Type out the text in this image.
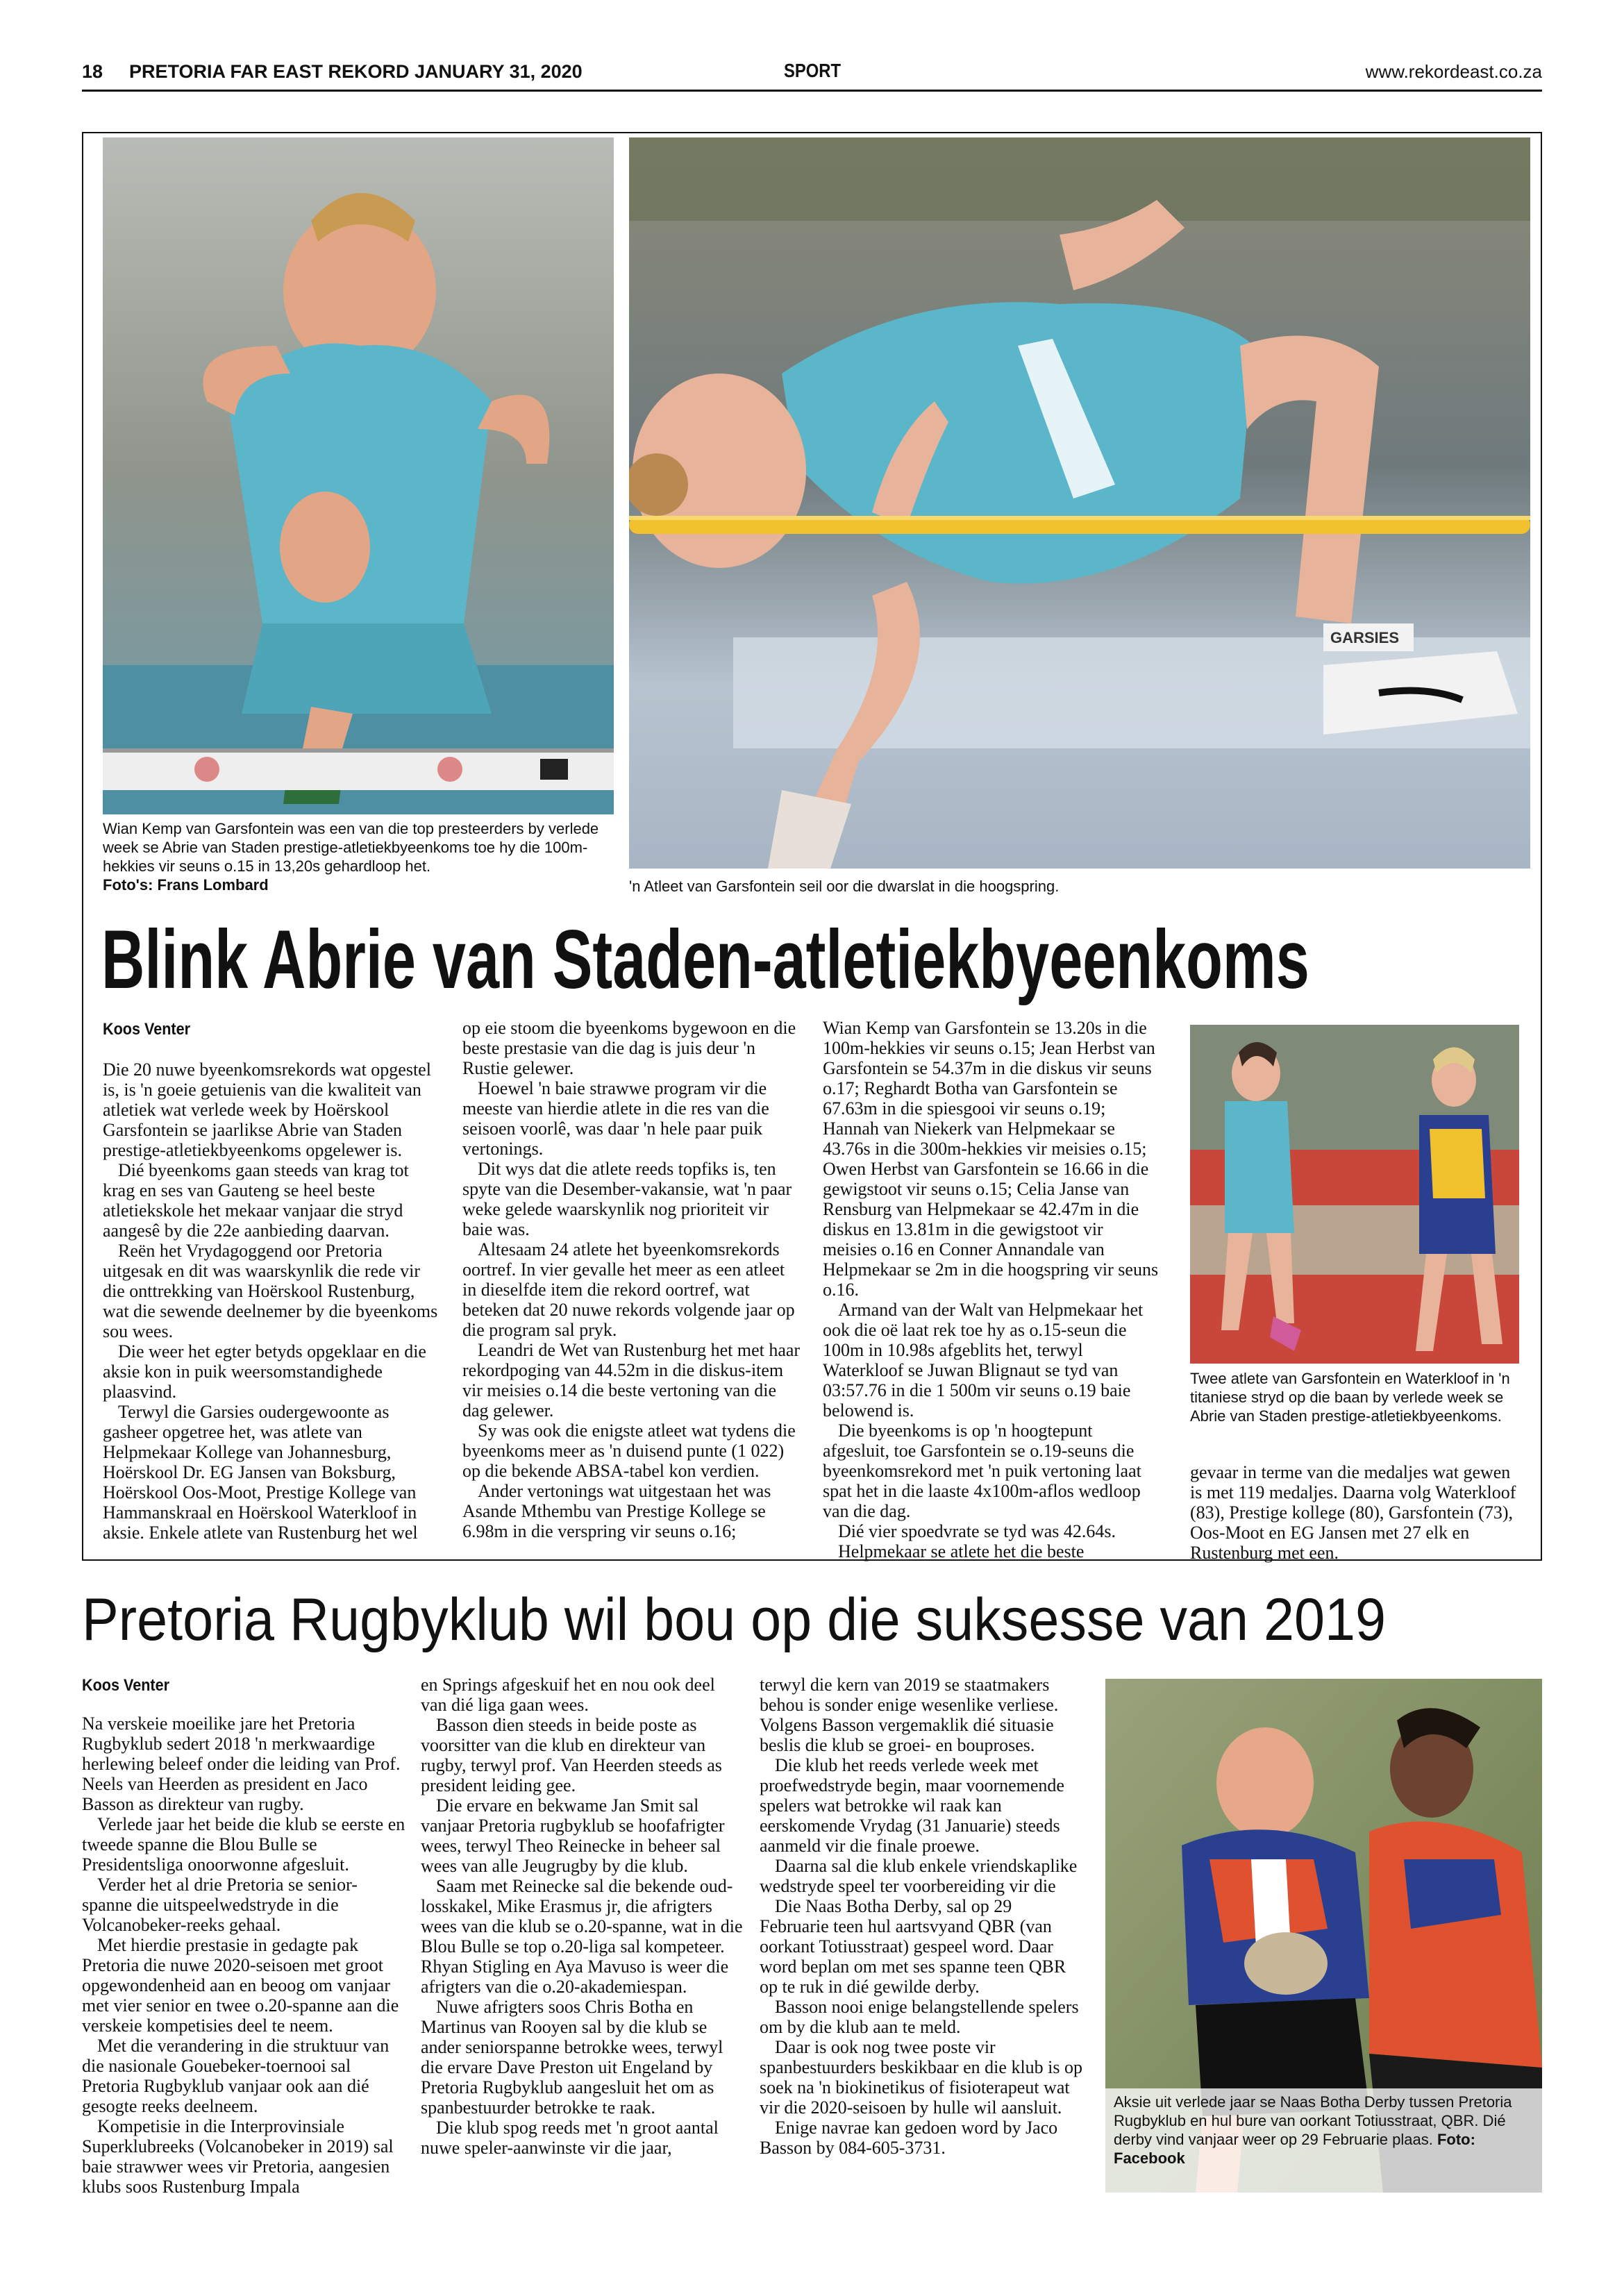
18 PRETORIA FAR EAST REKORD JANUARY 31, 2020	SPORT	www.rekordeast.co.za
Wian Kemp van Garsfontein was een van die top presteerders by verlede week se Abrie van Staden prestige-atletiekbyeenkoms toe hy die 100m-hekkies vir seuns o.15 in 13,20s gehardloop het.
Foto's: Frans Lombard
GARSIES
'n Atleet van Garsfontein seil oor die dwarslat in die hoogspring.
Blink Abrie van Staden-atletiekbyeenkoms
Koos Venter

Die 20 nuwe byeenkomsrekords wat opgestel is, is 'n goeie getuienis van die kwaliteit van atletiek wat verlede week by Hoërskool Garsfontein se jaarlikse Abrie van Staden prestige-atletiekbyeenkoms opgelewer is.

Dié byeenkoms gaan steeds van krag tot krag en ses van Gauteng se heel beste atletiekskole het mekaar vanjaar die stryd aangesê by die 22e aanbieding daarvan.

Reën het Vrydagoggend oor Pretoria uitgesak en dit was waarskynlik die rede vir die onttrekking van Hoërskool Rustenburg, wat die sewende deelnemer by die byeenkoms sou wees.

Die weer het egter betyds opgeklaar en die aksie kon in puik weersomstandighede plaasvind.

Terwyl die Garsies oudergewoonte as gasheer opgetree het, was atlete van Helpmekaar Kollege van Johannesburg, Hoërskool Dr. EG Jansen van Boksburg, Hoërskool Oos-Moot, Prestige Kollege van Hammanskraal en Hoërskool Waterkloof in aksie. Enkele atlete van Rustenburg het wel

op eie stoom die byeenkoms bygewoon en die beste prestasie van die dag is juis deur 'n Rustie gelewer.

Hoewel 'n baie strawwe program vir die meeste van hierdie atlete in die res van die seisoen voorlê, was daar 'n hele paar puik vertonings.

Dit wys dat die atlete reeds topfiks is, ten spyte van die Desember-vakansie, wat 'n paar weke gelede waarskynlik nog prioriteit vir baie was.

Altesaam 24 atlete het byeenkomsrekords oortref. In vier gevalle het meer as een atleet in dieselfde item die rekord oortref, wat beteken dat 20 nuwe rekords volgende jaar op die program sal pryk.

Leandri de Wet van Rustenburg het met haar rekordpoging van 44.52m in die diskus-item vir meisies o.14 die beste vertoning van die dag gelewer.

Sy was ook die enigste atleet wat tydens die byeenkoms meer as 'n duisend punte (1 022) op die bekende ABSA-tabel kon verdien.

Ander vertonings wat uitgestaan het was Asande Mthembu van Prestige Kollege se 6.98m in die verspring vir seuns o.16;

Wian Kemp van Garsfontein se 13.20s in die 100m-hekkies vir seuns o.15; Jean Herbst van Garsfontein se 54.37m in die diskus vir seuns o.17; Reghardt Botha van Garsfontein se 67.63m in die spiesgooi vir seuns o.19; Hannah van Niekerk van Helpmekaar se 43.76s in die 300m-hekkies vir meisies o.15; Owen Herbst van Garsfontein se 16.66 in die gewigstoot vir seuns o.15; Celia Janse van Rensburg van Helpmekaar se 42.47m in die diskus en 13.81m in die gewigstoot vir meisies o.16 en Conner Annandale van Helpmekaar se 2m in die hoogspring vir seuns o.16.

Armand van der Walt van Helpmekaar het ook die oë laat rek toe hy as o.15-seun die 100m in 10.98s afgeblits het, terwyl Waterkloof se Juwan Blignaut se tyd van 03:57.76 in die 1 500m vir seuns o.19 baie belowend is.

Die byeenkoms is op 'n hoogtepunt afgesluit, toe Garsfontein se o.19-seuns die byeenkomsrekord met 'n puik vertoning laat spat het in die laaste 4x100m-aflos wedloop van die dag.

Dié vier spoedvrate se tyd was 42.64s.

Helpmekaar se atlete het die beste

Twee atlete van Garsfontein en Waterkloof in 'n titaniese stryd op die baan by verlede week se Abrie van Staden prestige-atletiekbyeenkoms.

gevaar in terme van die medaljes wat gewen is met 119 medaljes. Daarna volg Waterkloof (83), Prestige kollege (80), Garsfontein (73), Oos-Moot en EG Jansen met 27 elk en Rustenburg met een.

Pretoria Rugbyklub wil bou op die suksesse van 2019
Koos Venter

Na verskeie moeilike jare het Pretoria Rugbyklub sedert 2018 'n merkwaardige herlewing beleef onder die leiding van Prof. Neels van Heerden as president en Jaco Basson as direkteur van rugby.

Verlede jaar het beide die klub se eerste en tweede spanne die Blou Bulle se Presidentsliga onoorwonne afgesluit.

Verder het al drie Pretoria se senior-spanne die uitspeelwedstryde in die Volcanobeker-reeks gehaal.

Met hierdie prestasie in gedagte pak Pretoria die nuwe 2020-seisoen met groot opgewondenheid aan en beoog om vanjaar met vier senior en twee o.20-spanne aan die verskeie kompetisies deel te neem.

Met die verandering in die struktuur van die nasionale Gouebeker-toernooi sal Pretoria Rugbyklub vanjaar ook aan dié gesogte reeks deelneem.

Kompetisie in die Interprovinsiale Superklubreeks (Volcanobeker in 2019) sal baie strawwer wees vir Pretoria, aangesien klubs soos Rustenburg Impala

en Springs afgeskuif het en nou ook deel van dié liga gaan wees.

Basson dien steeds in beide poste as voorsitter van die klub en direkteur van rugby, terwyl prof. Van Heerden steeds as president leiding gee.

Die ervare en bekwame Jan Smit sal vanjaar Pretoria rugbyklub se hoofafrigter wees, terwyl Theo Reinecke in beheer sal wees van alle Jeugrugby by die klub.

Saam met Reinecke sal die bekende oud-losskakel, Mike Erasmus jr, die afrigters wees van die klub se o.20-spanne, wat in die Blou Bulle se top o.20-liga sal kompeteer. Rhyan Stigling en Aya Mavuso is weer die afrigters van die o.20-akademiespan.

Nuwe afrigters soos Chris Botha en Martinus van Rooyen sal by die klub se ander seniorspanne betrokke wees, terwyl die ervare Dave Preston uit Engeland by Pretoria Rugbyklub aangesluit het om as spanbestuurder betrokke te raak.

Die klub spog reeds met 'n groot aantal nuwe speler-aanwinste vir die jaar,

terwyl die kern van 2019 se staatmakers behou is sonder enige wesenlike verliese. Volgens Basson vergemaklik dié situasie beslis die klub se groei- en bouproses.

Die klub het reeds verlede week met proefwedstryde begin, maar voornemende spelers wat betrokke wil raak kan eerskomende Vrydag (31 Januarie) steeds aanmeld vir die finale proewe.

Daarna sal die klub enkele vriendskaplike wedstryde speel ter voorbereiding vir die

Die Naas Botha Derby, sal op 29 Februarie teen hul aartsvyand QBR (van oorkant Totiusstraat) gespeel word. Daar word beplan om met ses spanne teen QBR op te ruk in dié gewilde derby.

Basson nooi enige belangstellende spelers om by die klub aan te meld.

Daar is ook nog twee poste vir spanbestuurders beskikbaar en die klub is op soek na 'n biokinetikus of fisioterapeut wat vir die 2020-seisoen by hulle wil aansluit.

Enige navrae kan gedoen word by Jaco Basson by 084-605-3731.

Aksie uit verlede jaar se Naas Botha Derby tussen Pretoria Rugbyklub en hul bure van oorkant Totiusstraat, QBR. Dié derby vind vanjaar weer op 29 Februarie plaas. Foto: Facebook
